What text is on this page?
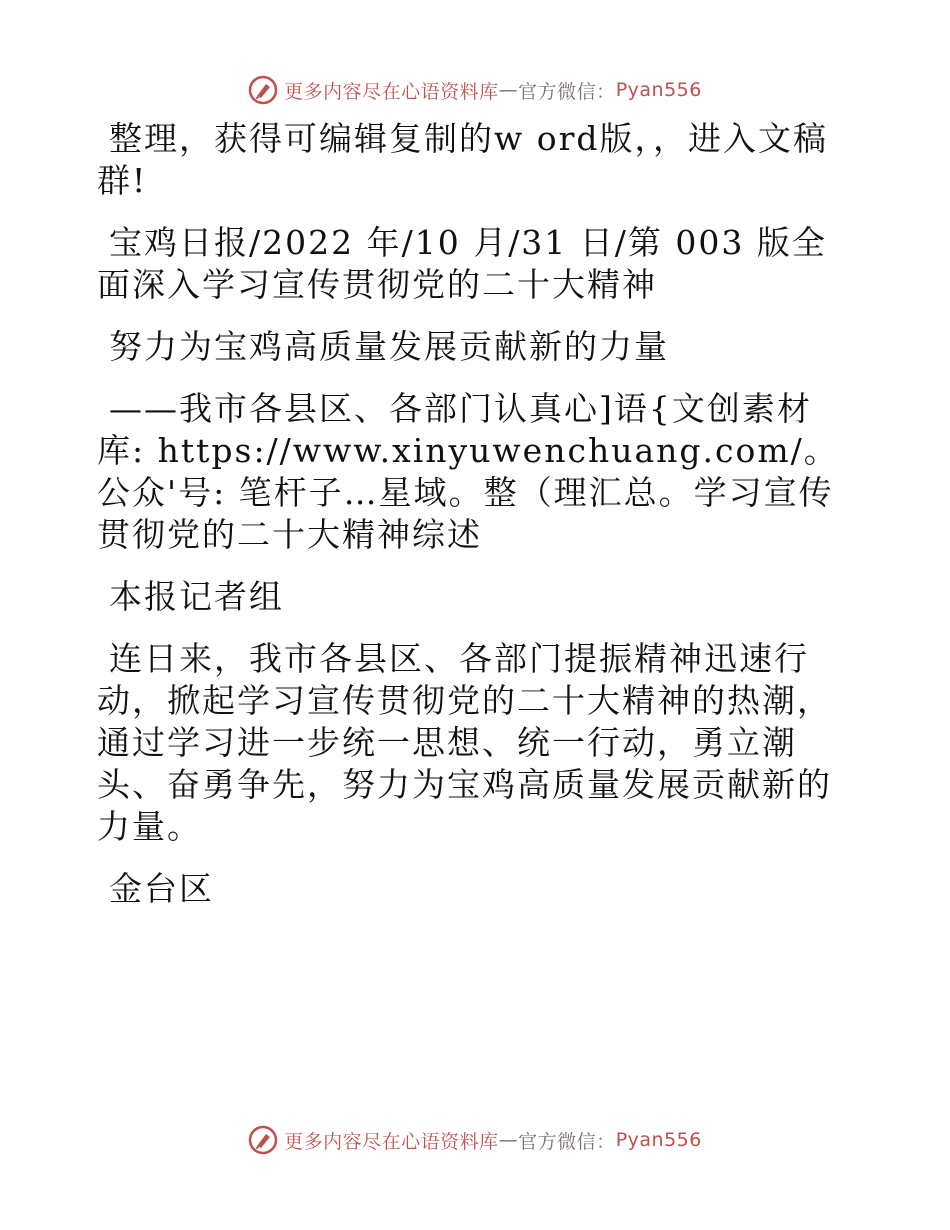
更多内容尽在心语资料库 — 官方微信： Pyan556

整理，获得可编辑复制的w ord版，，进入文稿群!

宝鸡日报/2022 年/10 月/31 日/第 003 版全面深入学习宣传贯彻党的二十大精神

努力为宝鸡高质量发展贡献新的力量

——我市各县区、各部门认真心]语{文创素材库: https://www.xinyuwenchuang.com/。公众'号: 笔杆子…星域。整（理汇总。学习宣传贯彻党的二十大精神综述

本报记者组

连日来，我市各县区、各部门提振精神迅速行动，掀起学习宣传贯彻党的二十大精神的热潮，通过学习进一步统一思想、统一行动，勇立潮头、奋勇争先，努力为宝鸡高质量发展贡献新的力量。

金台区

更多内容尽在心语资料库 — 官方微信： Pyan556
